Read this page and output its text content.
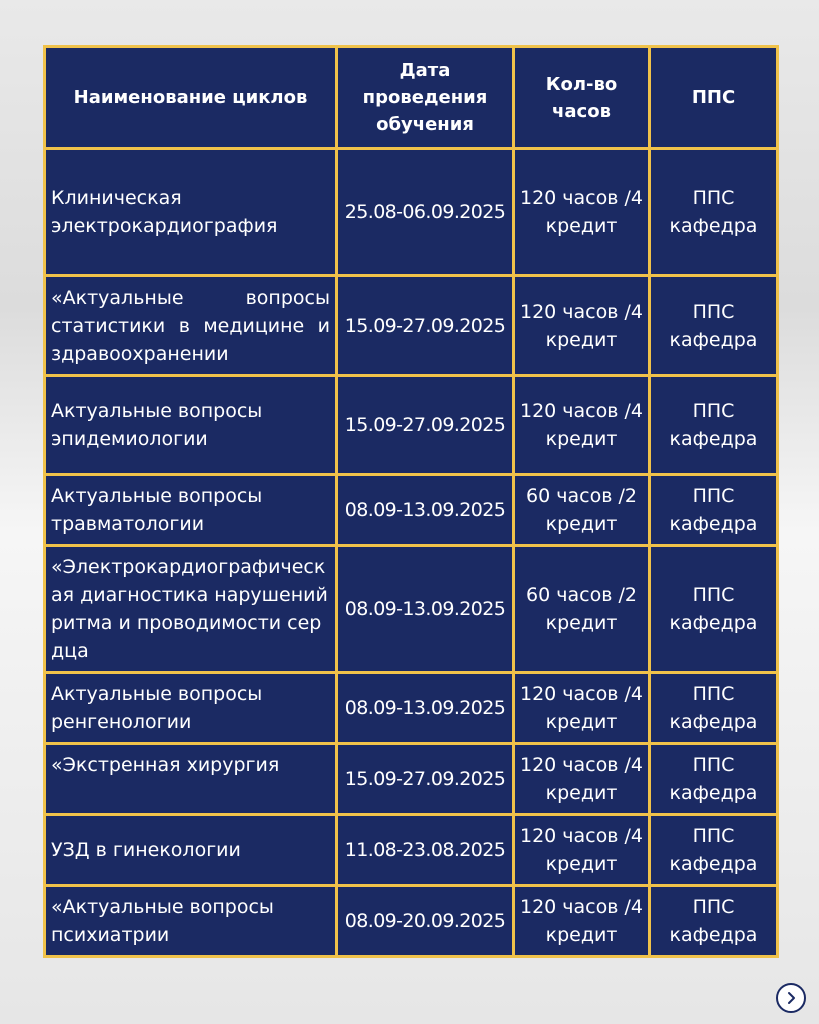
Наименование циклов	Дата проведения обучения	Кол-во часов	ППС
Клиническая электрокардиография	25.08-06.09.2025	120 часов /4 кредит	ППС кафедра
«Актуальные вопросы статистики в медицине и здравоохранении	15.09-27.09.2025	120 часов /4 кредит	ППС кафедра
Актуальные вопросы эпидемиологии	15.09-27.09.2025	120 часов /4 кредит	ППС кафедра
Актуальные вопросы травматологии	08.09-13.09.2025	60 часов /2 кредит	ППС кафедра
«Электрокардиографическая диагностика нарушений ритма и проводимости сердца	08.09-13.09.2025	60 часов /2 кредит	ППС кафедра
Актуальные вопросы ренгенологии	08.09-13.09.2025	120 часов /4 кредит	ППС кафедра
«Экстренная хирургия	15.09-27.09.2025	120 часов /4 кредит	ППС кафедра
УЗД в гинекологии	11.08-23.08.2025	120 часов /4 кредит	ППС кафедра
«Актуальные вопросы психиатрии	08.09-20.09.2025	120 часов /4 кредит	ППС кафедра
